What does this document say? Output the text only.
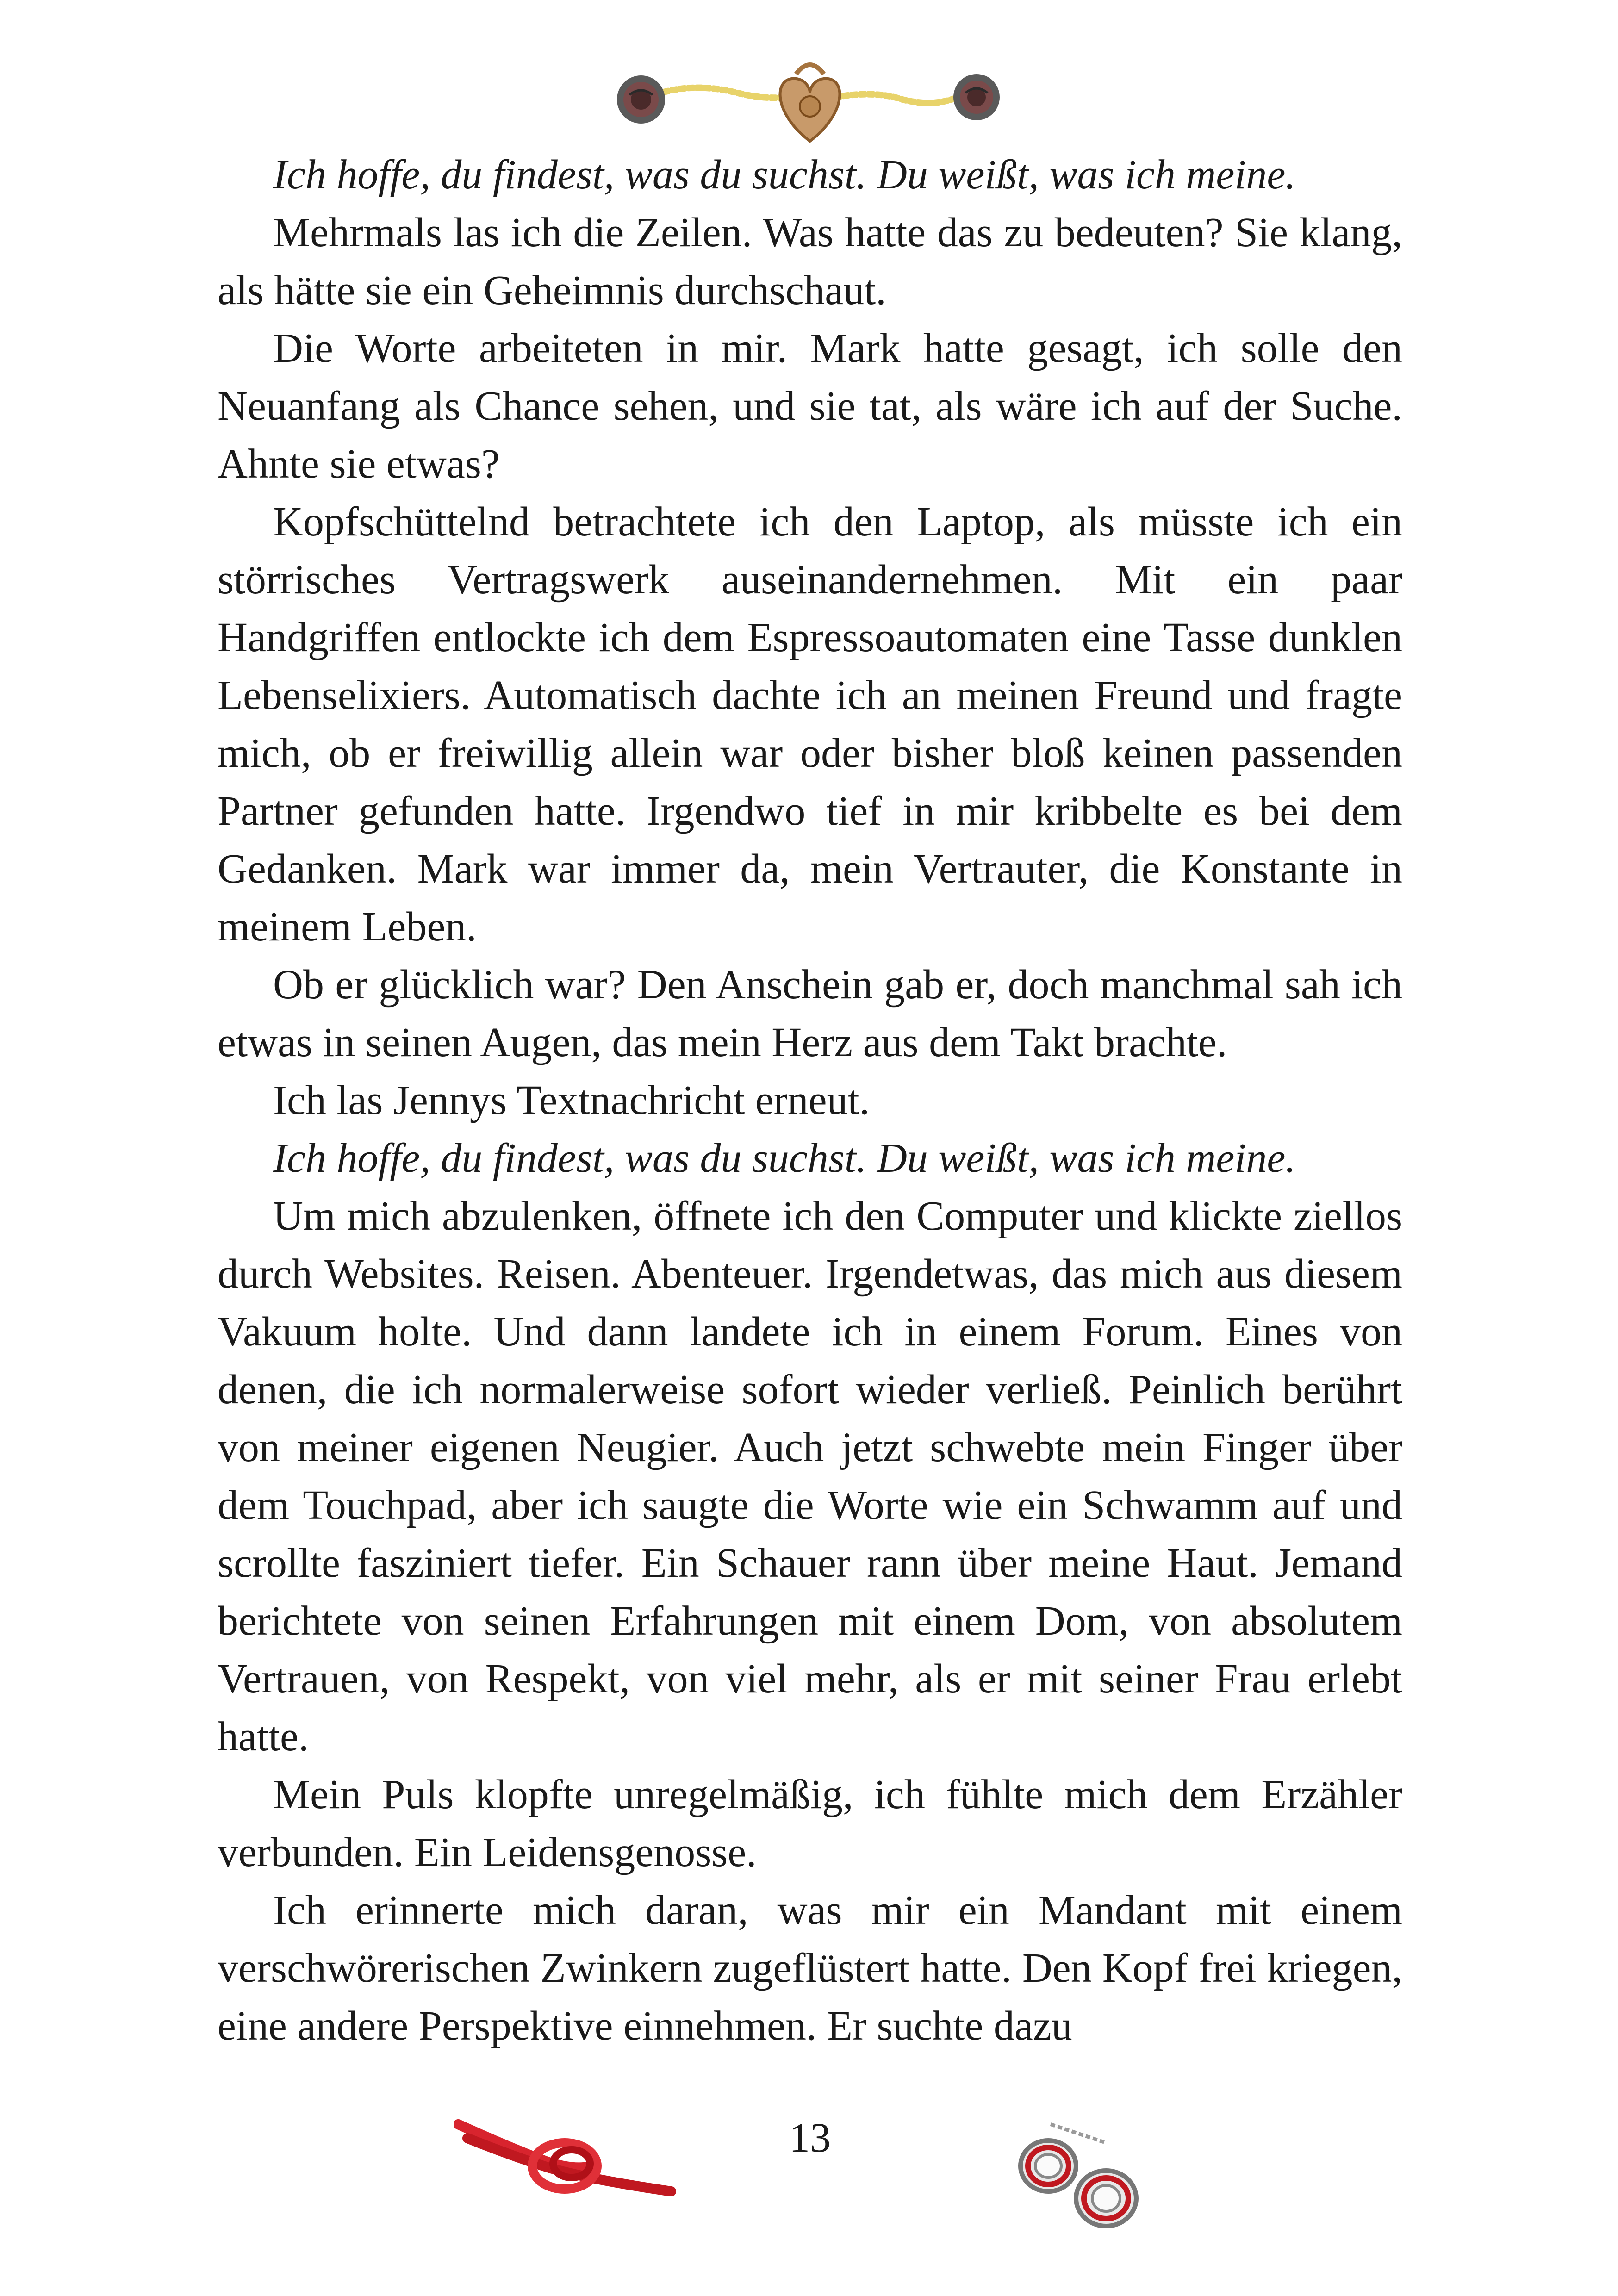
Ich hoffe, du findest, was du suchst. Du weißt, was ich meine.

Mehrmals las ich die Zeilen. Was hatte das zu bedeuten? Sie klang, als hätte sie ein Geheimnis durchschaut.

Die Worte arbeiteten in mir. Mark hatte gesagt, ich solle den Neuanfang als Chance sehen, und sie tat, als wäre ich auf der Suche. Ahnte sie etwas?

Kopfschüttelnd betrachtete ich den Laptop, als müsste ich ein störrisches Vertragswerk auseinandernehmen. Mit ein paar Handgriffen entlockte ich dem Espressoautomaten eine Tasse dunklen Lebenselixiers. Automatisch dachte ich an meinen Freund und fragte mich, ob er freiwillig allein war oder bisher bloß keinen passenden Partner gefunden hatte. Irgendwo tief in mir kribbelte es bei dem Gedanken. Mark war immer da, mein Vertrauter, die Konstante in meinem Leben.

Ob er glücklich war? Den Anschein gab er, doch manchmal sah ich etwas in seinen Augen, das mein Herz aus dem Takt brachte.

Ich las Jennys Textnachricht erneut.

Ich hoffe, du findest, was du suchst. Du weißt, was ich meine.

Um mich abzulenken, öffnete ich den Computer und klickte ziellos durch Websites. Reisen. Abenteuer. Irgendetwas, das mich aus diesem Vakuum holte. Und dann landete ich in einem Forum. Eines von denen, die ich normalerweise sofort wieder verließ. Peinlich berührt von meiner eigenen Neugier. Auch jetzt schwebte mein Finger über dem Touchpad, aber ich saugte die Worte wie ein Schwamm auf und scrollte fasziniert tiefer. Ein Schauer rann über meine Haut. Jemand berichtete von seinen Erfahrungen mit einem Dom, von absolutem Vertrauen, von Respekt, von viel mehr, als er mit seiner Frau erlebt hatte.

Mein Puls klopfte unregelmäßig, ich fühlte mich dem Erzähler verbunden. Ein Leidensgenosse.

Ich erinnerte mich daran, was mir ein Mandant mit einem verschwörerischen Zwinkern zugeflüstert hatte. Den Kopf frei kriegen, eine andere Perspektive einnehmen. Er suchte dazu

13
